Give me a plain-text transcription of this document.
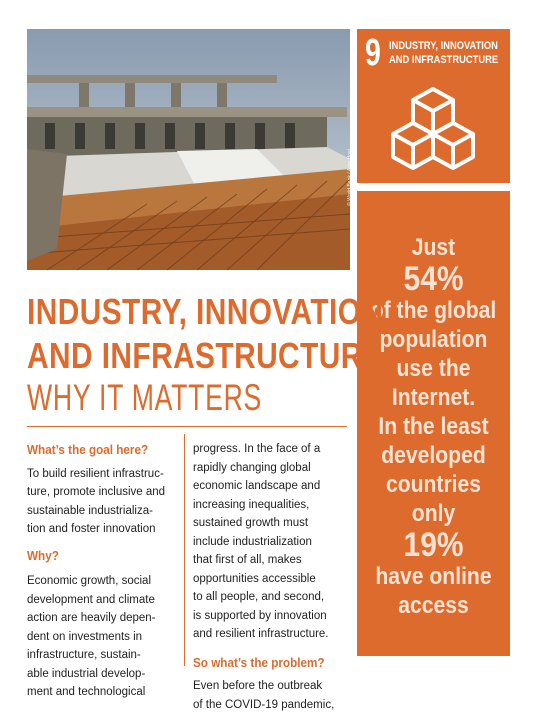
© World Bank / Arne Hoel
9 INDUSTRY, INNOVATION
AND INFRASTRUCTURE
Just
54%
of the global
population
use the
Internet.
In the least
developed
countries
only
19%
have online
access
INDUSTRY, INNOVATION
AND INFRASTRUCTURE:
WHY IT MATTERS
What’s the goal here?

To build resilient infrastruc-
ture, promote inclusive and
sustainable industrializa-
tion and foster innovation

Why?

Economic growth, social
development and climate
action are heavily depen-
dent on investments in
infrastructure, sustain-
able industrial develop-
ment and technological

progress. In the face of a
rapidly changing global
economic landscape and
increasing inequalities,
sustained growth must
include industrialization
that first of all, makes
opportunities accessible
to all people, and second,
is supported by innovation
and resilient infrastructure.

So what’s the problem?

Even before the outbreak
of the COVID-19 pandemic,
